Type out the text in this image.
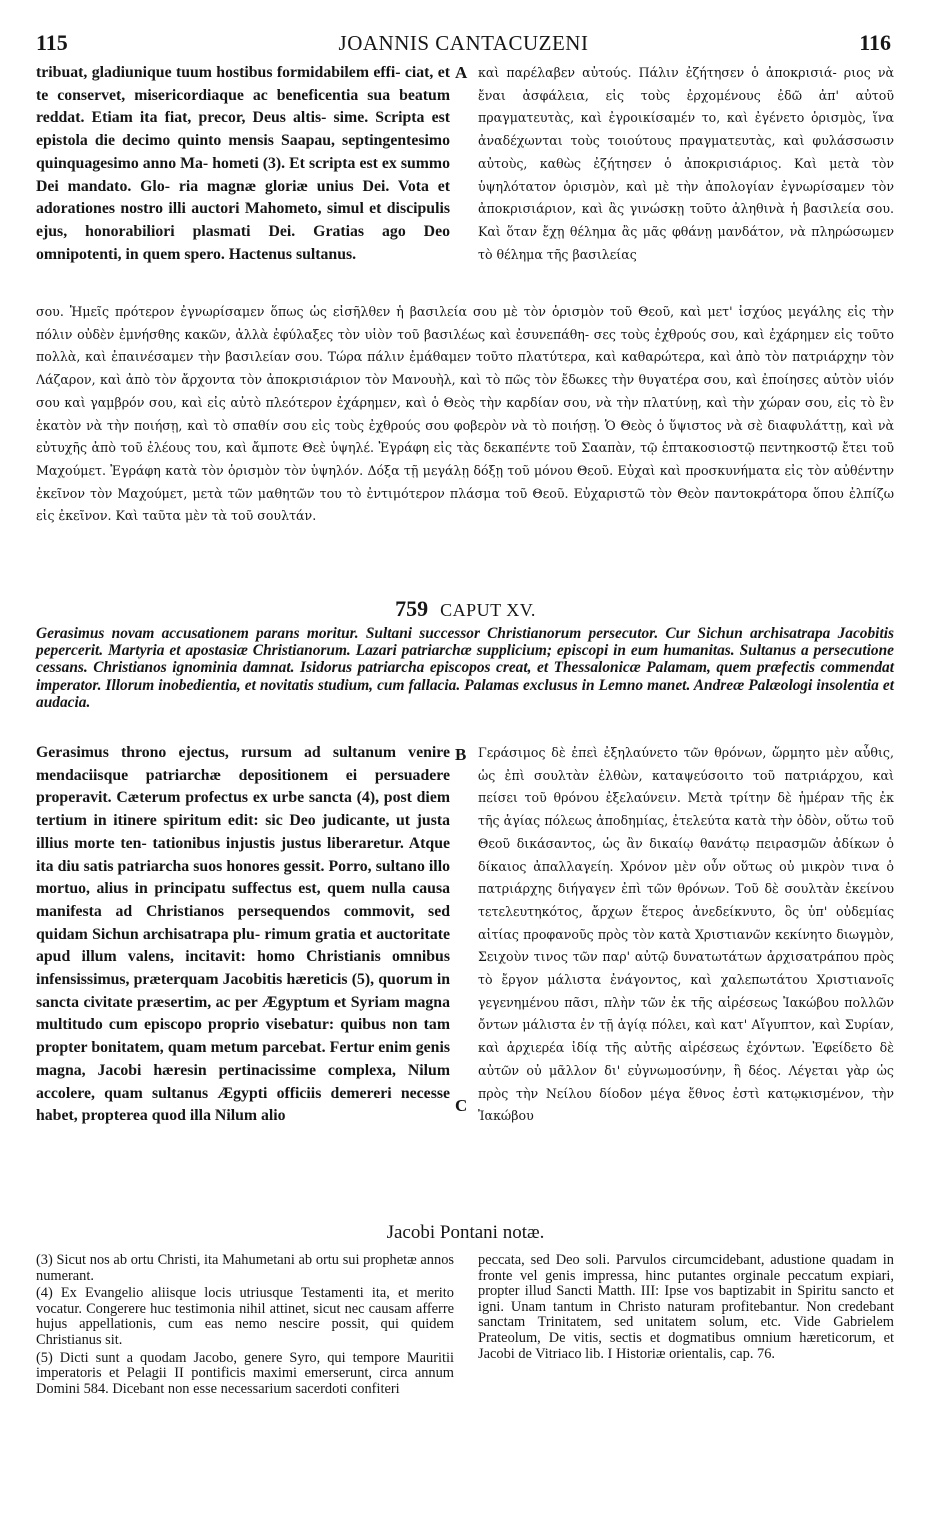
115	JOANNIS CANTACUZENI	116
tribuat, gladiunique tuum hostibus formidabilem effi- ciat, et te conservet, misericordiaque ac beneficentia sua beatum reddat. Etiam ita fiat, precor, Deus altis- sime. Scripta est epistola die decimo quinto mensis Saapau, septingentesimo quinquagesimo anno Ma- hometi (3). Et scripta est ex summo Dei mandato. Glo- ria magnæ gloriæ unius Dei. Vota et adorationes nostro illi auctori Mahometo, simul et discipulis ejus, honorabiliori plasmati Dei. Gratias ago Deo omnipotenti, in quem spero. Hactenus sultanus.
A καὶ παρέλαβεν αὐτούς. Πάλιν ἐζήτησεν ὁ ἀποκρισιά- ριος νὰ ἔναι ἀσφάλεια, εἰς τοὺς ἐρχομένους ἐδῶ ἀπ' αὐτοῦ πραγματευτὰς, καὶ ἐγροικίσαμέν το, καὶ ἐγένετο ὁρισμὸς, ἵνα ἀναδέχωνται τοὺς τοιούτους πραγματευτὰς, καὶ φυλάσσωσιν αὐτοὺς, καθὼς ἐζήτησεν ὁ ἀποκρισιάριος. Καὶ μετὰ τὸν ὑψηλότατον ὁρισμὸν, καὶ μὲ τὴν ἀπολογίαν ἐγνωρίσαμεν τὸν ἀποκρισιάριον, καὶ ἂς γινώσκῃ τοῦτο ἀληθινὰ ἡ βασιλεία σου. Καὶ ὅταν ἔχῃ θέλημα ἂς μᾶς φθάνῃ μανδάτον, νὰ πληρώσωμεν τὸ θέλημα τῆς βασιλείας
σου. Ἡμεῖς πρότερον ἐγνωρίσαμεν ὅπως ὡς εἰσῆλθεν ἡ βασιλεία σου μὲ τὸν ὁρισμὸν τοῦ Θεοῦ, καὶ μετ' ἰσχύος μεγάλης εἰς τὴν πόλιν οὐδὲν ἐμνήσθης κακῶν, ἀλλὰ ἐφύλαξες τὸν υἱὸν τοῦ βασιλέως καὶ ἐσυνεπάθη- σες τοὺς ἐχθρούς σου, καὶ ἐχάρημεν εἰς τοῦτο πολλὰ, καὶ ἐπαινέσαμεν τὴν βασιλείαν σου. Τώρα πάλιν ἐμάθαμεν τοῦτο πλατύτερα, καὶ καθαρώτερα, καὶ ἀπὸ τὸν πατριάρχην τὸν Λάζαρον, καὶ ἀπὸ τὸν ἄρχοντα τὸν ἀποκρισιάριον τὸν Μανουὴλ, καὶ τὸ πῶς τὸν ἔδωκες τὴν θυγατέρα σου, καὶ ἐποίησες αὐτὸν υἱόν σου καὶ γαμβρόν σου, καὶ εἰς αὐτὸ πλεότερον ἐχάρημεν, καὶ ὁ Θεὸς τὴν καρδίαν σου, νὰ τὴν πλατύνῃ, καὶ τὴν χώραν σου, εἰς τὸ ἓν ἑκατὸν νὰ τὴν ποιήσῃ, καὶ τὸ σπαθίν σου εἰς τοὺς ἐχθρούς σου φοβερὸν νὰ τὸ ποιήσῃ. Ὁ Θεὸς ὁ ὕψιστος νὰ σὲ διαφυλάττῃ, καὶ νὰ εὐτυχῆς ἀπὸ τοῦ ἐλέους του, καὶ ἄμποτε Θεὲ ὑψηλέ. Ἐγράφη εἰς τὰς δεκαπέντε τοῦ Σααπὰν, τῷ ἑπτακοσιοστῷ πεντηκοστῷ ἔτει τοῦ Μαχούμετ. Ἐγράφη κατὰ τὸν ὁρισμὸν τὸν ὑψηλόν. Δόξα τῇ μεγάλῃ δόξῃ τοῦ μόνου Θεοῦ. Εὐχαὶ καὶ προσκυνήματα εἰς τὸν αὐθέντην ἐκεῖνον τὸν Μαχούμετ, μετὰ τῶν μαθητῶν του τὸ ἐντιμότερον πλάσμα τοῦ Θεοῦ. Εὐχαριστῶ τὸν Θεὸν παντοκράτορα ὅπου ἐλπίζω εἰς ἐκεῖνον. Καὶ ταῦτα μὲν τὰ τοῦ σουλτάν.
759 CAPUT XV.
Gerasimus novam accusationem parans moritur. Sultani successor Christianorum persecutor. Cur Sichun archisatrapa Jacobitis pepercerit. Martyria et apostasiæ Christianorum. Lazari patriarchæ supplicium; episcopi in eum humanitas. Sultanus a persecutione cessans. Christianos ignominia damnat. Isidorus patriarcha episcopos creat, et Thessalonicæ Palamam, quem præfectis commendat imperator. Illorum inobedientia, et novitatis studium, cum fallacia. Palamas exclusus in Lemno manet. Andreæ Palæologi insolentia et audacia.
Gerasimus throno ejectus, rursum ad sultanum venire mendaciisque patriarchæ depositionem ei persuadere properavit. Cæterum profectus ex urbe sancta (4), post diem tertium in itinere spiritum edit: sic Deo judicante, ut justa illius morte ten- tationibus injustis justus liberaretur. Atque ita diu satis patriarcha suos honores gessit. Porro, sultano illo mortuo, alius in principatu suffectus est, quem nulla causa manifesta ad Christianos persequendos commovit, sed quidam Sichun archisatrapa plu- rimum gratia et auctoritate apud illum valens, incitavit: homo Christianis omnibus infensissimus, præterquam Jacobitis hæreticis (5), quorum in sancta civitate præsertim, ac per Ægyptum et Syriam magna multitudo cum episcopo proprio visebatur: quibus non tam propter bonitatem, quam metum parcebat. Fertur enim genis magna, Jacobi hæresin pertinacissime complexa, Nilum accolere, quam sultanus Ægypti officiis demereri necesse habet, propterea quod illa Nilum alio
B
C
Γεράσιμος δὲ ἐπεὶ ἐξηλαύνετο τῶν θρόνων, ὥρμητο μὲν αὖθις, ὡς ἐπὶ σουλτὰν ἐλθὼν, καταψεύσοιτο τοῦ πατριάρχου, καὶ πείσει τοῦ θρόνου ἐξελαύνειν. Μετὰ τρίτην δὲ ἡμέραν τῆς ἐκ τῆς ἁγίας πόλεως ἀποδημίας, ἐτελεύτα κατὰ τὴν ὁδὸν, οὕτω τοῦ Θεοῦ δικάσαντος, ὡς ἂν δικαίῳ θανάτῳ πειρασμῶν ἀδίκων ὁ δίκαιος ἀπαλλαγείη. Χρόνον μὲν οὖν οὕτως οὐ μικρὸν τινα ὁ πατριάρχης διήγαγεν ἐπὶ τῶν θρόνων. Τοῦ δὲ σουλτὰν ἐκείνου τετελευτηκότος, ἄρχων ἕτερος ἀνεδείκνυτο, ὃς ὑπ' οὐδεμίας αἰτίας προφανοῦς πρὸς τὸν κατὰ Χριστιανῶν κεκίνητο διωγμὸν, Σειχοὺν τινος τῶν παρ' αὐτῷ δυνατωτάτων ἀρχισατράπου πρὸς τὸ ἔργον μάλιστα ἐνάγοντος, καὶ χαλεπωτάτου Χριστιανοῖς γεγενημένου πᾶσι, πλὴν τῶν ἐκ τῆς αἱρέσεως Ἰακώβου πολλῶν ὄντων μάλιστα ἐν τῇ ἁγίᾳ πόλει, καὶ κατ' Αἴγυπτον, καὶ Συρίαν, καὶ ἀρχιερέα ἰδίᾳ τῆς αὐτῆς αἱρέσεως ἐχόντων. Ἐφείδετο δὲ αὐτῶν οὐ μᾶλλον δι' εὐγνωμοσύνην, ἢ δέος. Λέγεται γὰρ ὡς πρὸς τὴν Νείλου δίοδον μέγα ἔθνος ἐστὶ κατῳκισμένον, τὴν Ἰακώβου
Jacobi Pontani notæ.

(3) Sicut nos ab ortu Christi, ita Mahumetani ab ortu sui prophetæ annos numerant.

(4) Ex Evangelio aliisque locis utriusque Testamenti ita, et merito vocatur. Congerere huc testimonia nihil attinet, sicut nec causam afferre hujus appellationis, cum eas nemo nescire possit, qui quidem Christianus sit.

(5) Dicti sunt a quodam Jacobo, genere Syro, qui tempore Mauritii imperatoris et Pelagii II pontificis maximi emerserunt, circa annum Domini 584. Dicebant non esse necessarium sacerdoti confiteri

peccata, sed Deo soli. Parvulos circumcidebant, adustione quadam in fronte vel genis impressa, hinc putantes orginale peccatum expiari, propter illud Sancti Matth. III: Ipse vos baptizabit in Spiritu sancto et igni. Unam tantum in Christo naturam profitebantur. Non credebant sanctam Trinitatem, sed unitatem solum, etc. Vide Gabrielem Prateolum, De vitis, sectis et dogmatibus omnium hæreticorum, et Jacobi de Vitriaco lib. I Historiæ orientalis, cap. 76.
